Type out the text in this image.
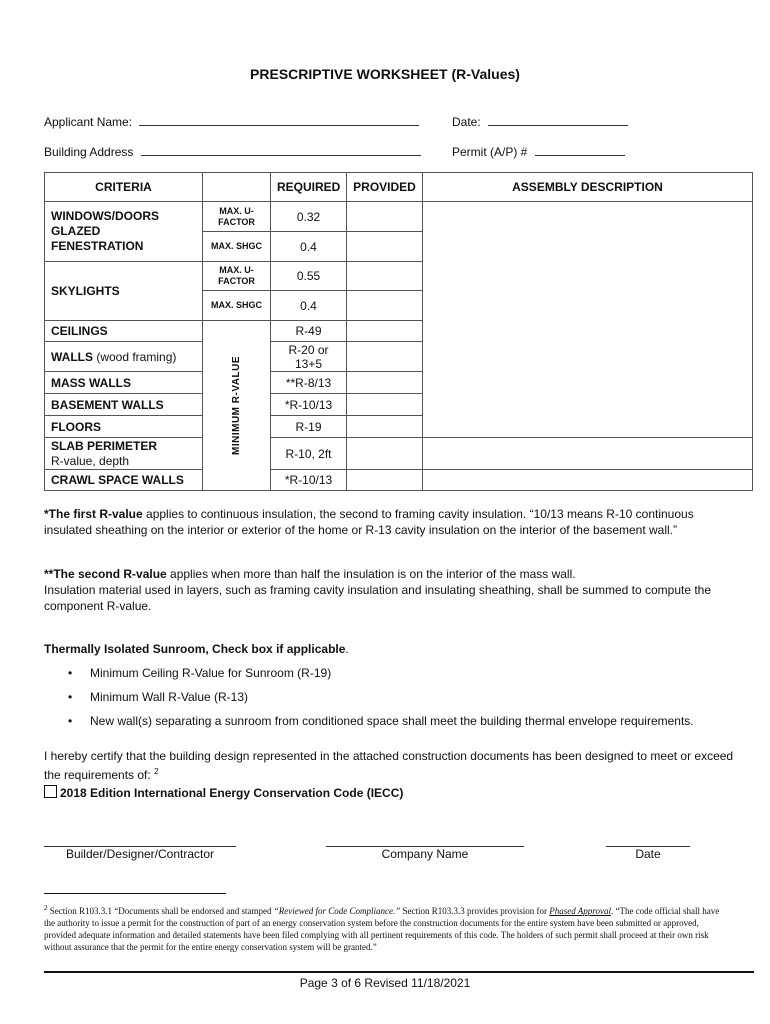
PRESCRIPTIVE WORKSHEET (R-Values)
Applicant Name:	Date:
Building Address	Permit (A/P) #
CRITERIA		REQUIRED	PROVIDED	ASSEMBLY DESCRIPTION	
WINDOWS/DOORS GLAZED FENESTRATION	MAX. U-FACTOR	0.32			
	MAX. SHGC	0.4			
SKYLIGHTS	MAX. U-FACTOR	0.55			
	MAX. SHGC	0.4			
CEILINGS	MINIMUM R-VALUE	R-49			
WALLS (wood framing)		R-20 or 13+5			
MASS WALLS		**R-8/13			
BASEMENT WALLS		*R-10/13			
FLOORS		R-19			
SLAB PERIMETER
R-value, depth		R-10, 2ft			
CRAWL SPACE WALLS		*R-10/13			
*The first R-value applies to continuous insulation, the second to framing cavity insulation. “10/13 means R-10 continuous insulated sheathing on the interior or exterior of the home or R-13 cavity insulation on the interior of the basement wall.”
**The second R-value applies when more than half the insulation is on the interior of the mass wall.
Insulation material used in layers, such as framing cavity insulation and insulating sheathing, shall be summed to compute the component R-value.
Thermally Isolated Sunroom, Check box if applicable.
• Minimum Ceiling R-Value for Sunroom (R-19)
• Minimum Wall R-Value (R-13)
• New wall(s) separating a sunroom from conditioned space shall meet the building thermal envelope requirements.
I hereby certify that the building design represented in the attached construction documents has been designed to meet or exceed the requirements of: $^2$
2018 Edition International Energy Conservation Code (IECC)
Builder/Designer/Contractor	Company Name	Date
$^2$ Section R103.3.1 “Documents shall be endorsed and stamped “Reviewed for Code Compliance.” Section R103.3.3 provides provision for Phased Approval. “The code official shall have the authority to issue a permit for the construction of part of an energy conservation system before the construction documents for the entire system have been submitted or approved, provided adequate information and detailed statements have been filed complying with all pertinent requirements of this code. The holders of such permit shall proceed at their own risk without assurance that the permit for the entire energy conservation system will be granted.”
Page 3 of 6 Revised 11/18/2021
